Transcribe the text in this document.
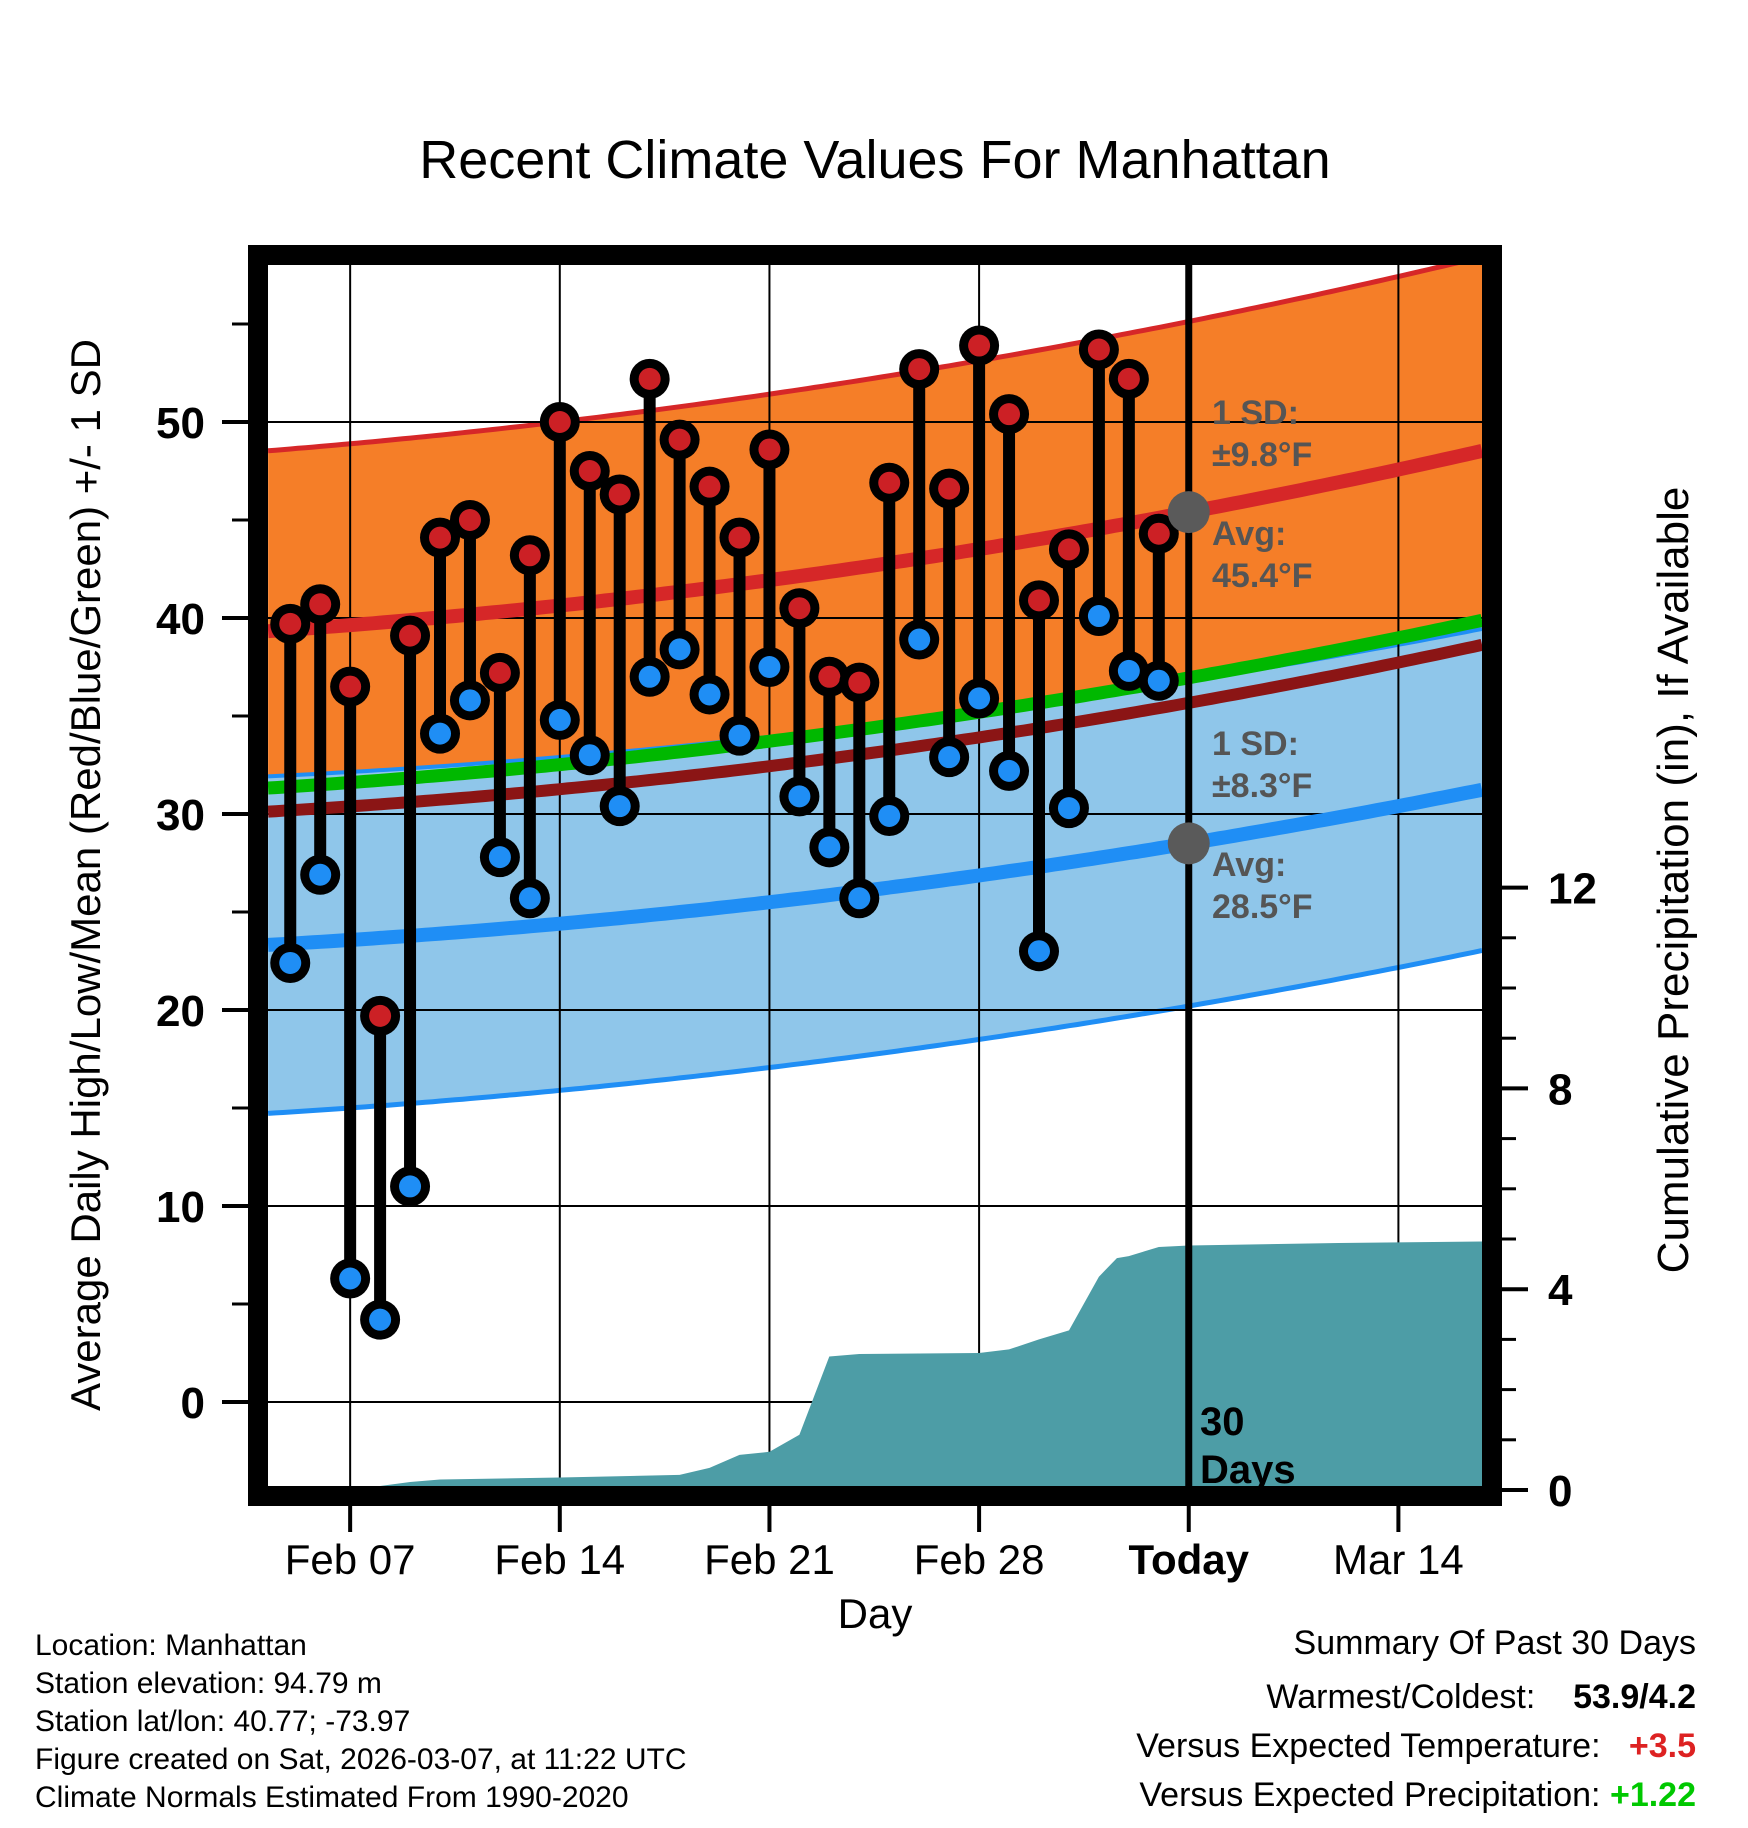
Recent Climate Values For Manhattan
1 SD:
±9.8°F
Avg:
45.4°F
1 SD:
±8.3°F
Avg:
28.5°F
30
Days
Feb 07 Feb 14 Feb 21 Feb 28 Today Mar 14
50
40
30
20
10
0
12
8
4
0
Day
Average Daily High/Low/Mean (Red/Blue/Green) +/- 1 SD	Cumulative Precipitation (in), If Available
Location: Manhattan
Station elevation: 94.79 m
Station lat/lon: 40.77; -73.97
Figure created on Sat, 2026-03-07, at 11:22 UTC
Climate Normals Estimated From 1990-2020
Summary Of Past 30 Days
Warmest/Coldest: 53.9/4.2
Versus Expected Temperature: +3.5
Versus Expected Precipitation: +1.22
